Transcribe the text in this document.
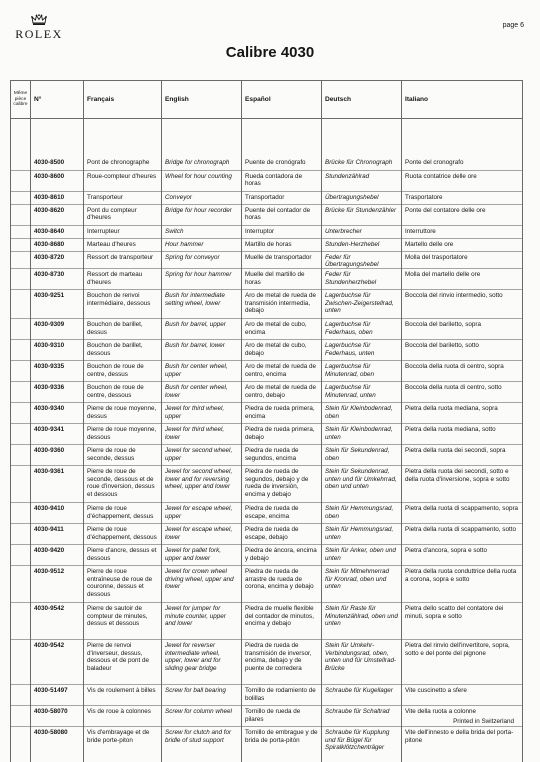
ROLEX
page 6
Calibre 4030
Même pièce calibre	N°	Français	English	Español	Deutsch	Italiano

	4030-8500	Pont de chronographe	Bridge for chronograph	Puente de cronógrafo	Brücke für Chronograph	Ponte del cronografo
	4030-8600	Roue-compteur d'heures	Wheel for hour counting	Rueda contadora de horas	Stundenzählrad	Ruota contatrice delle ore
	4030-8610	Transporteur	Conveyor	Transportador	Übertragungshebel	Trasportatore
	4030-8620	Pont du compteur d'heures	Bridge for hour recorder	Puente del contador de horas	Brücke für Stundenzähler	Ponte del contatore delle ore
	4030-8640	Interrupteur	Switch	Interruptor	Unterbrecher	Interruttore
	4030-8680	Marteau d'heures	Hour hammer	Martillo de horas	Stunden-Herzhebel	Martello delle ore
	4030-8720	Ressort de transporteur	Spring for conveyor	Muelle de transportador	Feder für Übertragungshebel	Molla del trasportatore
	4030-8730	Ressort de marteau d'heures	Spring for hour hammer	Muelle del martillo de horas	Feder für Stundenherzhebel	Molla del martello delle ore
	4030-9251	Bouchon de renvoi intermédiaire, dessous	Bush for intermediate setting wheel, lower	Aro de metal de rueda de transmisión intermedia, debajo	Lagerbuchse für Zwischen-Zeigerstellrad, unten	Boccola del rinvio intermedio, sotto
	4030-9309	Bouchon de barillet, dessus	Bush for barrel, upper	Aro de metal de cubo, encima	Lagerbuchse für Federhaus, oben	Boccola del bariletto, sopra
	4030-9310	Bouchon de barillet, dessous	Bush for barrel, lower	Aro de metal de cubo, debajo	Lagerbuchse für Federhaus, unten	Boccola del bariletto, sotto
	4030-9335	Bouchon de roue de centre, dessus	Bush for center wheel, upper	Aro de metal de rueda de centro, encima	Lagerbuchse für Minutenrad, oben	Boccola della ruota di centro, sopra
	4030-9336	Bouchon de roue de centre, dessous	Bush for center wheel, lower	Aro de metal de rueda de centro, debajo	Lagerbuchse für Minutenrad, unten	Boccola della ruota di centro, sotto
	4030-9340	Pierre de roue moyenne, dessus	Jewel for third wheel, upper	Piedra de rueda primera, encima	Stein für Kleinbodenrad, oben	Pietra della ruota mediana, sopra
	4030-9341	Pierre de roue moyenne, dessous	Jewel for third wheel, lower	Piedra de rueda primera, debajo	Stein für Kleinbodenrad, unten	Pietra della ruota mediana, sotto
	4030-9360	Pierre de roue de seconde, dessus	Jewel for second wheel, upper	Piedra de rueda de segundos, encima	Stein für Sekundenrad, oben	Pietra della ruota dei secondi, sopra
	4030-9361	Pierre de roue de seconde, dessous et de roue d'inversion, dessus et dessous	Jewel for second wheel, lower and for reversing wheel, upper and lower	Piedra de rueda de segundos, debajo y de rueda de inversión, encima y debajo	Stein für Sekundenrad, unten und für Umkehrrad, oben und unten	Pietra della ruota dei secondi, sotto e della ruota d'inversione, sopra e sotto
	4030-9410	Pierre de roue d'échappement, dessus	Jewel for escape wheel, upper	Piedra de rueda de escape, encima	Stein für Hemmungsrad, oben	Pietra della ruota di scappamento, sopra
	4030-9411	Pierre de roue d'échappement, dessous	Jewel for escape wheel, lower	Piedra de rueda de escape, debajo	Stein für Hemmungsrad, unten	Pietra della ruota di scappamento, sotto
	4030-9420	Pierre d'ancre, dessus et dessous	Jewel for pallet fork, upper and lower	Piedra de áncora, encima y debajo	Stein für Anker, oben und unten	Pietra d'ancora, sopra e sotto
	4030-9512	Pierre de roue entraîneuse de roue de couronne, dessus et dessous	Jewel for crown wheel driving wheel, upper and lower	Piedra de rueda de arrastre de rueda de corona, encima y debajo	Stein für Mitnehmerrad für Kronrad, oben und unten	Pietra della ruota conduttrice della ruota a corona, sopra e sotto
	4030-9542	Pierre de sautoir de compteur de minutes, dessus et dessous	Jewel for jumper for minute counter, upper and lower	Piedra de muelle flexible del contador de minutos, encima y debajo	Stein für Raste für Minutenzählrad, oben und unten	Pietra dello scatto del contatore dei minuti, sopra e sotto
	4030-9542	Pierre de renvoi d'inverseur, dessus, dessous et de pont de baladeur	Jewel for reverser intermediate wheel, upper, lower and for sliding gear bridge	Piedra de rueda de transmisión de inversor, encima, debajo y de puente de corredera	Stein für Umkehr-Verbindungsrad, oben, unten und für Umstellrad-Brücke	Pietra del rinvio dell'invertitore, sopra, sotto e del ponte del pignone
	4030-51497	Vis de roulement à billes	Screw for ball bearing	Tornillo de rodamiento de bolillas	Schraube für Kugellager	Vite cuscinetto a sfere
	4030-58070	Vis de roue à colonnes	Screw for column wheel	Tornillo de rueda de pilares	Schraube für Schaltrad	Vite della ruota a colonne
	4030-58080	Vis d'embrayage et de bride porte-piton	Screw for clutch and for bridle of stud support	Tornillo de embrague y de brida de porta-pitón	Schraube für Kupplung und für Bügel für Spiralklötzchenträger	Vite dell'innesto e della brida del porta-pitone

Printed in Switzerland
